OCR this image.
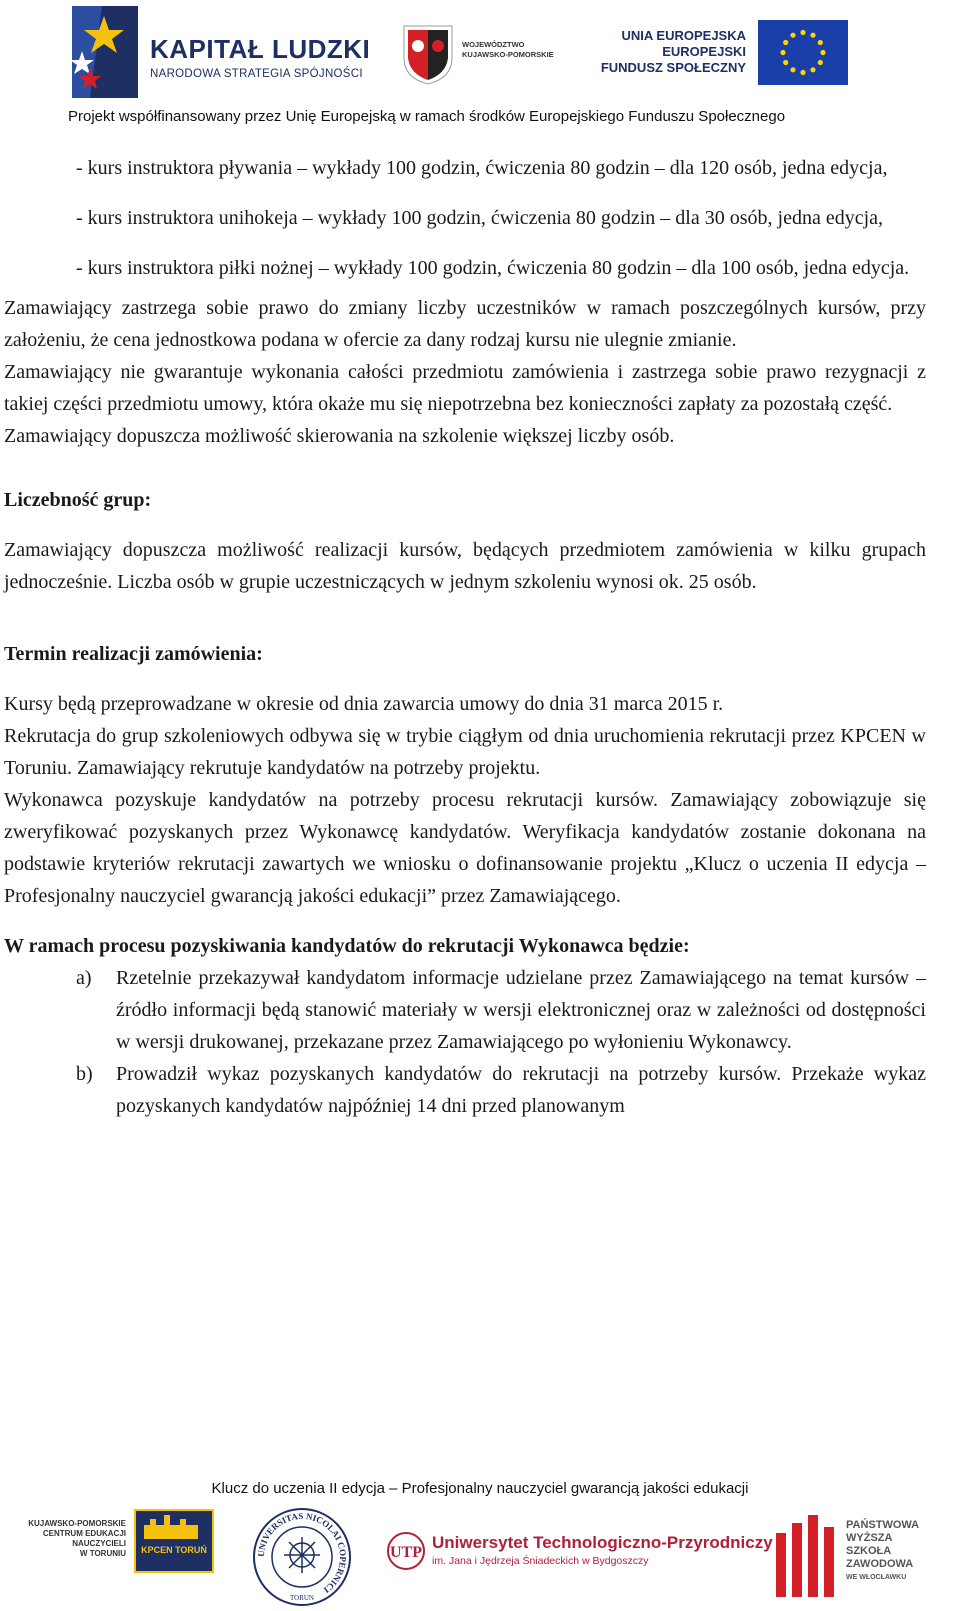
KAPITAŁ LUDZKI
NARODOWA STRATEGIA SPÓJNOŚCI
WOJEWÓDZTWO
KUJAWSKO-POMORSKIE
UNIA EUROPEJSKA
EUROPEJSKI
FUNDUSZ SPOŁECZNY
Projekt współfinansowany przez Unię Europejską w ramach środków Europejskiego Funduszu Społecznego

- kurs instruktora pływania – wykłady 100 godzin, ćwiczenia 80 godzin – dla 120 osób, jedna edycja,

- kurs instruktora unihokeja – wykłady 100 godzin, ćwiczenia 80 godzin – dla 30 osób, jedna edycja,

- kurs instruktora piłki nożnej – wykłady 100 godzin, ćwiczenia 80 godzin – dla 100 osób, jedna edycja.

Zamawiający zastrzega sobie prawo do zmiany liczby uczestników w ramach poszczególnych kursów, przy założeniu, że cena jednostkowa podana w ofercie za dany rodzaj kursu nie ulegnie zmianie.

Zamawiający nie gwarantuje wykonania całości przedmiotu zamówienia i zastrzega sobie prawo rezygnacji z takiej części przedmiotu umowy, która okaże mu się niepotrzebna bez konieczności zapłaty za pozostałą część.

Zamawiający dopuszcza możliwość skierowania na szkolenie większej liczby osób.

Liczebność grup:

Zamawiający dopuszcza możliwość realizacji kursów, będących przedmiotem zamówienia w kilku grupach jednocześnie. Liczba osób w grupie uczestniczących w jednym szkoleniu wynosi ok. 25 osób.

Termin realizacji zamówienia:

Kursy będą przeprowadzane w okresie od dnia zawarcia umowy do dnia 31 marca 2015 r.

Rekrutacja do grup szkoleniowych odbywa się w trybie ciągłym od dnia uruchomienia rekrutacji przez KPCEN w Toruniu. Zamawiający rekrutuje kandydatów na potrzeby projektu.

Wykonawca pozyskuje kandydatów na potrzeby procesu rekrutacji kursów. Zamawiający zobowiązuje się zweryfikować pozyskanych przez Wykonawcę kandydatów. Weryfikacja kandydatów zostanie dokonana na podstawie kryteriów rekrutacji zawartych we wniosku o dofinansowanie projektu „Klucz o uczenia II edycja – Profesjonalny nauczyciel gwarancją jakości edukacji” przez Zamawiającego.

W ramach procesu pozyskiwania kandydatów do rekrutacji Wykonawca będzie:

a) Rzetelnie przekazywał kandydatom informacje udzielane przez Zamawiającego na temat kursów – źródło informacji będą stanowić materiały w wersji elektronicznej oraz w zależności od dostępności w wersji drukowanej, przekazane przez Zamawiającego po wyłonieniu Wykonawcy.

b) Prowadził wykaz pozyskanych kandydatów do rekrutacji na potrzeby kursów. Przekaże wykaz pozyskanych kandydatów najpóźniej 14 dni przed planowanym

Klucz do uczenia II edycja – Profesjonalny nauczyciel gwarancją jakości edukacji
KUJAWSKO-POMORSKIE
CENTRUM EDUKACJI
NAUCZYCIELI
W TORUNIU	KPCEN TORUŃ	UNIVERSITAS NICOLAI COPERNICI
TORUN
UTP
Uniwersytet Technologiczno-Przyrodniczy
im. Jana i Jędrzeja Śniadeckich w Bydgoszczy
PAŃSTWOWA
WYŻSZA
SZKOŁA
ZAWODOWA
WE WŁOCŁAWKU
